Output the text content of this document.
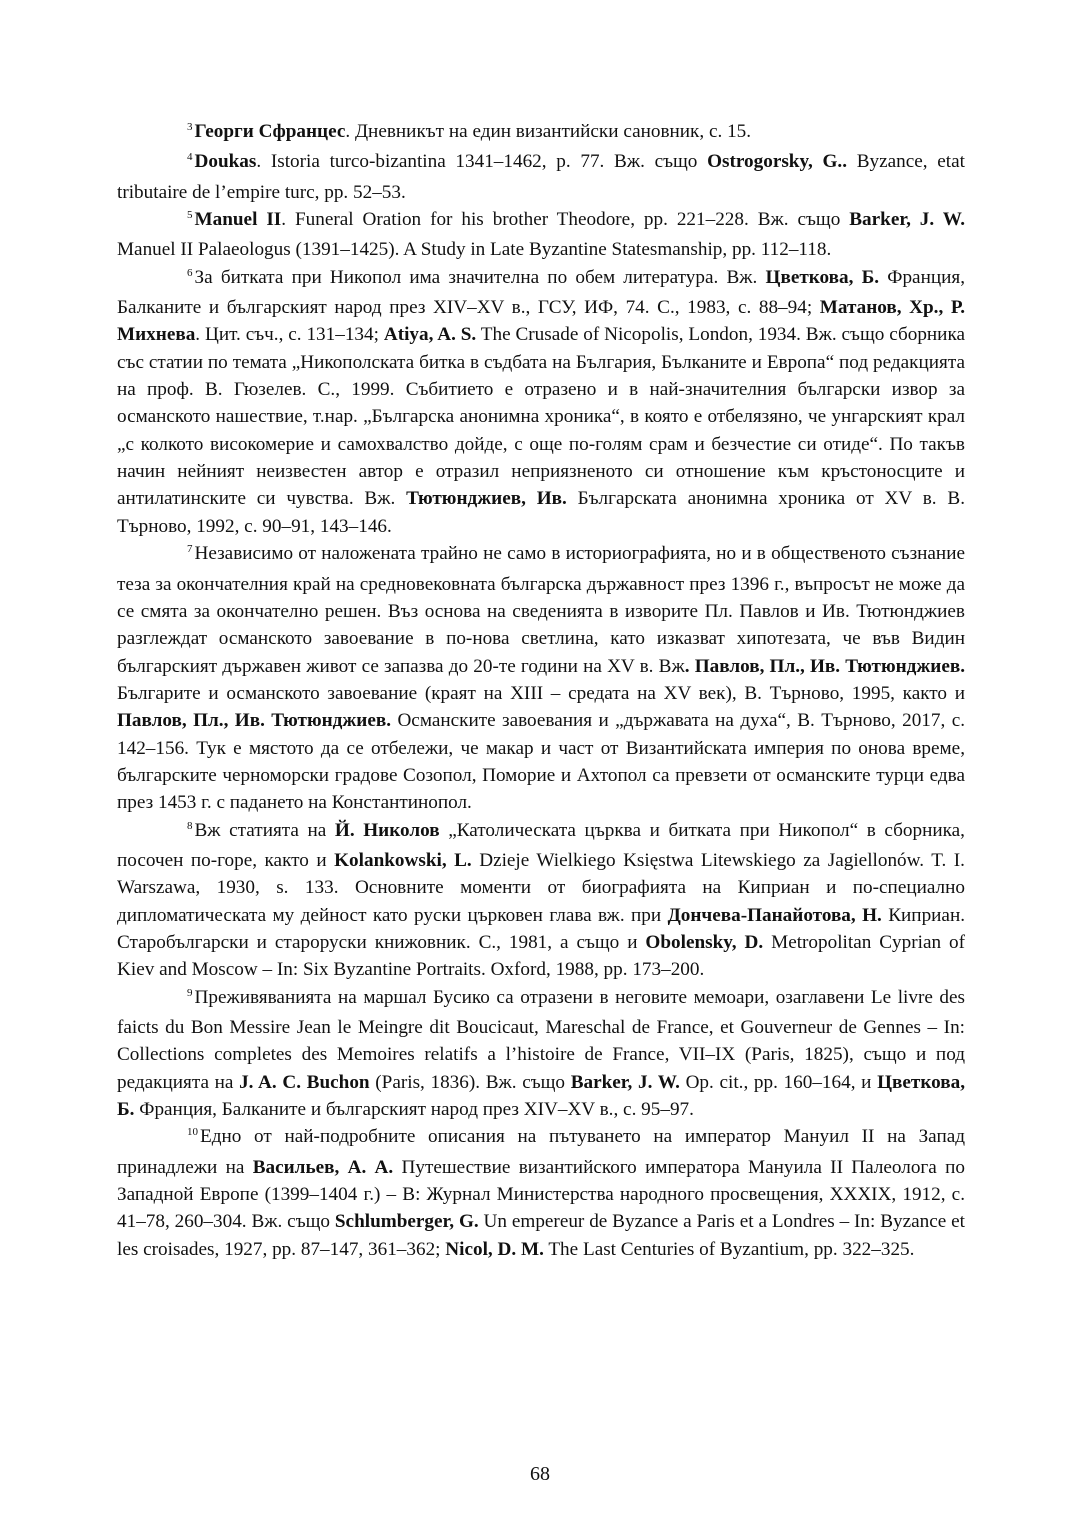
$^3$ Георги Сфранцес. Дневникът на един византийски сановник, с. 15.

$^4$ Doukas. Istoria turco-bizantina 1341–1462, p. 77. Вж. също Ostrogorsky, G.. Byzance, etat tributaire de l’empire turc, pp. 52–53.

$^5$ Manuel II. Funeral Oration for his brother Theodore, pp. 221–228. Вж. също Barker, J. W. Manuel II Palaeologus (1391–1425). A Study in Late Byzantine Statesmanship, pp. 112–118.

$^6$ За битката при Никопол има значителна по обем литература. Вж. Цветкова, Б. Франция, Балканите и българският народ през XIV–XV в., ГСУ, ИФ, 74. С., 1983, с. 88–94; Матанов, Хр., Р. Михнева. Цит. съч., с. 131–134; Atiya, A. S. The Crusade of Nicopolis, London, 1934. Вж. също сборника със статии по темата „Никополската битка в съдбата на България, Бълканите и Европа“ под редакцията на проф. В. Гюзелев. С., 1999. Събитието е отразено и в най-значителния български извор за османското нашествие, т.нар. „Българска анонимна хроника“, в която е отбелязяно, че унгарският крал „с колкото високомерие и самохвалство дойде, с още по-голям срам и безчестие си отиде“. По такъв начин нейният неизвестен автор е отразил неприязненото си отношение към кръстоносците и антилатинските си чувства. Вж. Тютюнджиев, Ив. Българската анонимна хроника от XV в. В. Търново, 1992, с. 90–91, 143–146.

$^7$ Независимо от наложената трайно не само в историографията, но и в общественото съзнание теза за окончателния край на средновековната българска държавност през 1396 г., въпросът не може да се смята за окончателно решен. Въз основа на сведенията в изворите Пл. Павлов и Ив. Тютюнджиев разглеждат османското завоевание в по-нова светлина, като изказват хипотезата, че във Видин българският държавен живот се запазва до 20-те години на XV в. Вж. Павлов, Пл., Ив. Тютюнджиев. Българите и османското завоевание (краят на XIII – средата на XV век), В. Търново, 1995, както и Павлов, Пл., Ив. Тютюнджиев. Османските завоевания и „държавата на духа“, В. Търново, 2017, с. 142–156. Тук е мястото да се отбележи, че макар и част от Византийската империя по онова време, българските черноморски градове Созопол, Поморие и Ахтопол са превзети от османските турци едва през 1453 г. с падането на Константинопол.

$^8$ Вж статията на Й. Николов „Католическата църква и битката при Никопол“ в сборника, посочен по-горе, както и Kolankowski, L. Dzieje Wielkiego Księstwa Litewskiego za Jagiellonów. T. I. Warszawa, 1930, s. 133. Основните моменти от биографията на Киприан и по-специално дипломатическата му дейност като руски църковен глава вж. при Дончева-Панайотова, Н. Киприан. Старобългарски и староруски книжовник. С., 1981, а също и Obolensky, D. Metropolitan Cyprian of Kiev and Moscow – In: Six Byzantine Portraits. Oxford, 1988, pp. 173–200.

$^9$ Преживяванията на маршал Бусико са отразени в неговите мемоари, озаглавени Le livre des faicts du Bon Messire Jean le Meingre dit Boucicaut, Mareschal de France, et Gouverneur de Gennes – In: Collections completes des Memoires relatifs a l’histoire de France, VII–IX (Paris, 1825), също и под редакцията на J. A. C. Buchon (Paris, 1836). Вж. също Barker, J. W. Op. cit., pp. 160–164, и Цветкова, Б. Франция, Балканите и българският народ през XIV–XV в., с. 95–97.

$^{10}$ Едно от най-подробните описания на пътуването на император Мануил II на Запад принадлежи на Васильев, А. А. Путешествие византийского императора Мануила II Палеолога по Западной Европе (1399–1404 г.) – В: Журнал Министерства народного просвещения, XXXIX, 1912, с. 41–78, 260–304. Вж. също Schlumberger, G. Un empereur de Byzance a Paris et a Londres – In: Byzance et les croisades, 1927, pp. 87–147, 361–362; Nicol, D. M. The Last Centuries of Byzantium, pp. 322–325.

68
